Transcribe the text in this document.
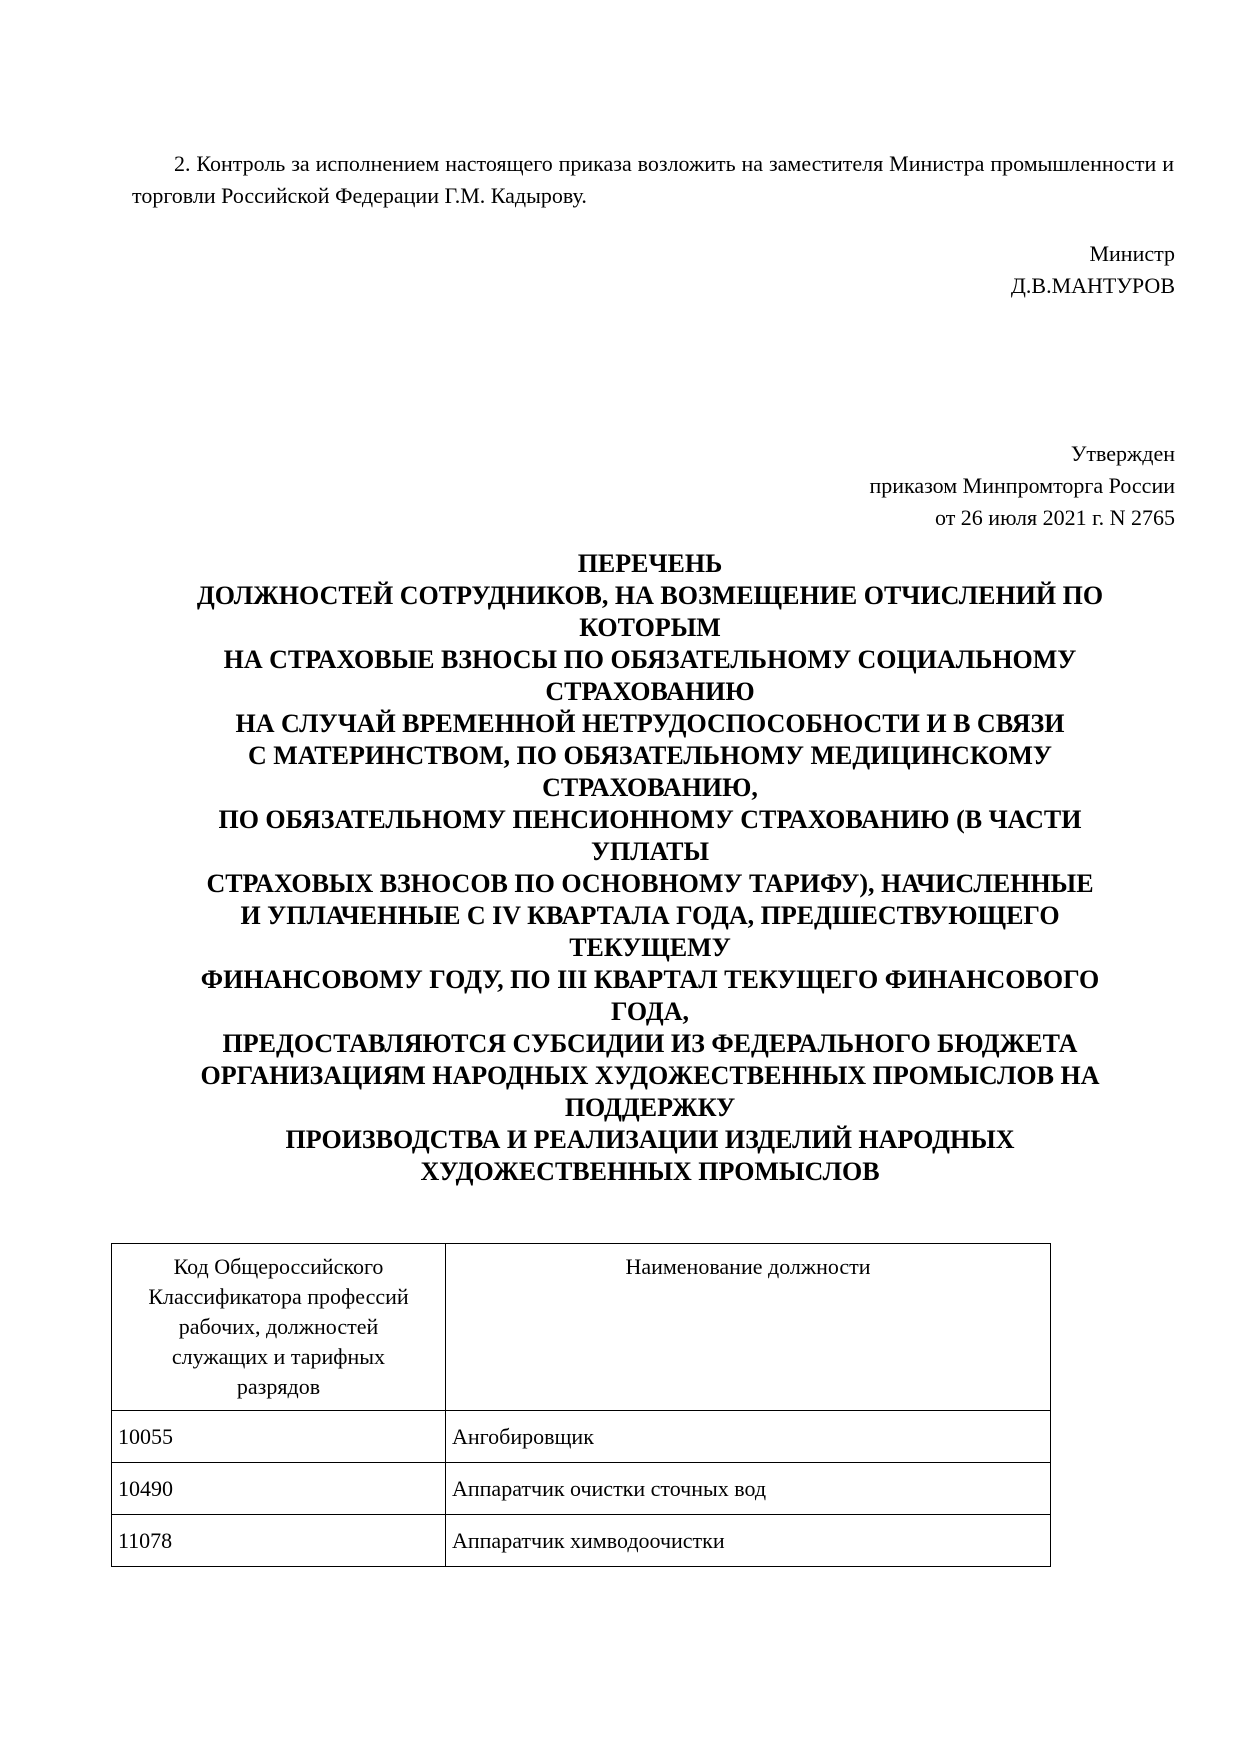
2. Контроль за исполнением настоящего приказа возложить на заместителя Министра промышленности и торговли Российской Федерации Г.М. Кадырову.

Министр
Д.В.МАНТУРОВ
Утвержден
приказом Минпромторга России
от 26 июля 2021 г. N 2765
ПЕРЕЧЕНЬ
ДОЛЖНОСТЕЙ СОТРУДНИКОВ, НА ВОЗМЕЩЕНИЕ ОТЧИСЛЕНИЙ ПО
КОТОРЫМ
НА СТРАХОВЫЕ ВЗНОСЫ ПО ОБЯЗАТЕЛЬНОМУ СОЦИАЛЬНОМУ
СТРАХОВАНИЮ
НА СЛУЧАЙ ВРЕМЕННОЙ НЕТРУДОСПОСОБНОСТИ И В СВЯЗИ
С МАТЕРИНСТВОМ, ПО ОБЯЗАТЕЛЬНОМУ МЕДИЦИНСКОМУ
СТРАХОВАНИЮ,
ПО ОБЯЗАТЕЛЬНОМУ ПЕНСИОННОМУ СТРАХОВАНИЮ (В ЧАСТИ
УПЛАТЫ
СТРАХОВЫХ ВЗНОСОВ ПО ОСНОВНОМУ ТАРИФУ), НАЧИСЛЕННЫЕ
И УПЛАЧЕННЫЕ С IV КВАРТАЛА ГОДА, ПРЕДШЕСТВУЮЩЕГО
ТЕКУЩЕМУ
ФИНАНСОВОМУ ГОДУ, ПО III КВАРТАЛ ТЕКУЩЕГО ФИНАНСОВОГО
ГОДА,
ПРЕДОСТАВЛЯЮТСЯ СУБСИДИИ ИЗ ФЕДЕРАЛЬНОГО БЮДЖЕТА
ОРГАНИЗАЦИЯМ НАРОДНЫХ ХУДОЖЕСТВЕННЫХ ПРОМЫСЛОВ НА
ПОДДЕРЖКУ
ПРОИЗВОДСТВА И РЕАЛИЗАЦИИ ИЗДЕЛИЙ НАРОДНЫХ
ХУДОЖЕСТВЕННЫХ ПРОМЫСЛОВ
Код Общероссийского
Классификатора профессий
рабочих, должностей
служащих и тарифных
разрядов	Наименование должности

10055	Ангобировщик
10490	Аппаратчик очистки сточных вод
11078	Аппаратчик химводоочистки
